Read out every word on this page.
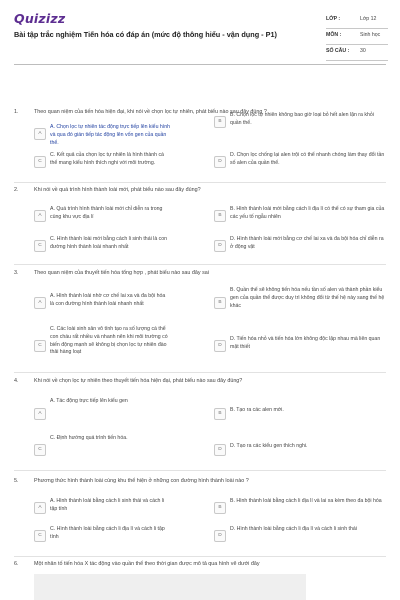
Quizizz
Bài tập trắc nghiệm Tiến hóa có đáp án (mức độ thông hiểu - vận dụng - P1)
LỚP :	Lớp 12
MÔN :	Sinh học
SỐ CÂU : 30
1.	Theo quan niệm của tiến hóa hiện đại, khi nói về chọn lọc tự nhiên, phát biểu nào sau đây đúng ?
A
A. Chọn lọc tự nhiên tác động trực tiếp lên kiểu hình và qua đó gián tiếp tác động lên vốn gen của quần thể.
B
B. Chọn lọc tự nhiên không bao giờ loại bỏ hết alen lặn ra khỏi quần thể.
C
C. Kết quả của chọn lọc tự nhiên là hình thành cá thể mang kiểu hình thích nghi với môi trường.	D
D. Chọn lọc chống lại alen trội có thể nhanh chóng làm thay đổi tần số alen của quần thể.
2.	Khi nói về quá trình hình thành loài mới, phát biểu nào sau đây đúng?
A
A. Quá trình hình thành loài mới chỉ diễn ra trong cùng khu vực địa lí	B
B. Hình thành loài mới bằng cách li địa lí có thể có sự tham gia của các yếu tố ngẫu nhiên
C
C. Hình thành loài mới bằng cách li sinh thái là con đường hình thành loài nhanh nhất	D
D. Hình thành loài mới bằng cơ chế lai xa và đa bội hóa chỉ diễn ra ở động vật
3.	Theo quan niệm của thuyết tiến hóa tổng hợp , phát biểu nào sau đây sai
A
A. Hình thành loài nhờ cơ chế lai xa và đa bội hóa là con đường hình thành loài nhanh nhất	B
B. Quần thể sẽ không tiến hóa nếu tần số alen và thành phần kiểu gen của quần thể được duy trì không đổi từ thế hệ này sang thế hệ khác
C
C. Các loài sinh sản vô tính tạo ra số lượng cá thể con cháu rất nhiều và nhanh nên khi môi trường có biến động mạnh sẽ không bị chọn lọc tự nhiên đào thải hàng loạt
D
D. Tiến hóa nhỏ và tiến hóa lớn không độc lập nhau mà liên quan mật thiết
4.	Khi nói về chọn lọc tự nhiên theo thuyết tiến hóa hiện đại, phát biểu nào sau đây đúng?
A. Tác động trực tiếp lên kiểu gen
A	B
B. Tạo ra các alen mới.
C. Định hướng quá trình tiến hóa.
C	D
D. Tạo ra các kiểu gen thích nghi.
5.	Phương thức hình thành loài cùng khu thể hiện ở những con đường hình thành loài nào ?
A
A. Hình thành loài bằng cách li sinh thái và cách li tập tính	B
B. Hình thành loài bằng cách li địa lí và lai xa kèm theo đa bội hóa
C
C. Hình thành loài bằng cách li địa lí và cách li tập tính	D
D. Hình thành loài bằng cách li địa lí và cách li sinh thái
6.	Một nhân tố tiến hóa X tác động vào quần thể theo thời gian được mô tả qua hình vẽ dưới đây
